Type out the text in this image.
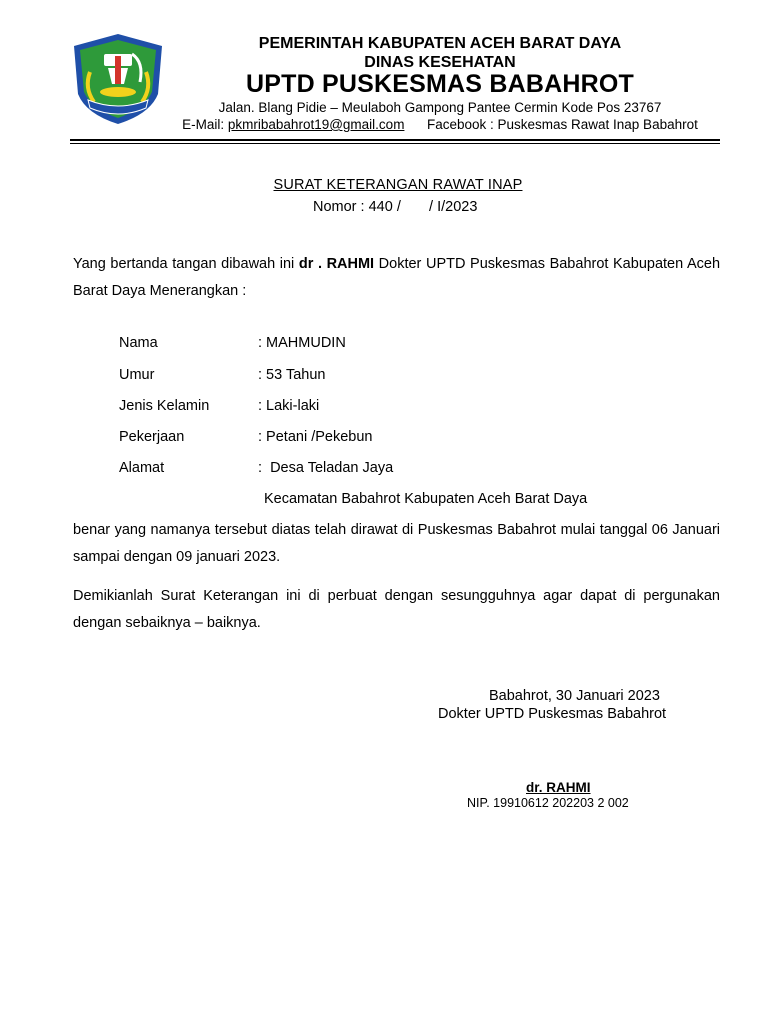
PEMERINTAH KABUPATEN ACEH BARAT DAYA
DINAS KESEHATAN
UPTD PUSKESMAS BABAHROT
Jalan. Blang Pidie – Meulaboh Gampong Pantee Cermin Kode Pos 23767
E-Mail: pkmribabahrot19@gmail.com Facebook : Puskesmas Rawat Inap Babahrot
SURAT KETERANGAN RAWAT INAP
Nomor : 440 /       / I/2023
Yang bertanda tangan dibawah ini dr . RAHMI Dokter UPTD Puskesmas Babahrot Kabupaten Aceh Barat Daya Menerangkan :
Nama	: MAHMUDIN
Umur	: 53 Tahun
Jenis Kelamin	: Laki-laki
Pekerjaan	: Petani /Pekebun
Alamat	:  Desa Teladan Jaya
Kecamatan Babahrot Kabupaten Aceh Barat Daya
benar yang namanya tersebut diatas telah dirawat di Puskesmas Babahrot mulai tanggal 06 Januari sampai dengan 09 januari 2023.
Demikianlah Surat Keterangan ini di perbuat dengan sesungguhnya agar dapat di pergunakan dengan sebaiknya – baiknya.
Babahrot, 30 Januari 2023
Dokter UPTD Puskesmas Babahrot
dr. RAHMI
NIP. 19910612 202203 2 002
